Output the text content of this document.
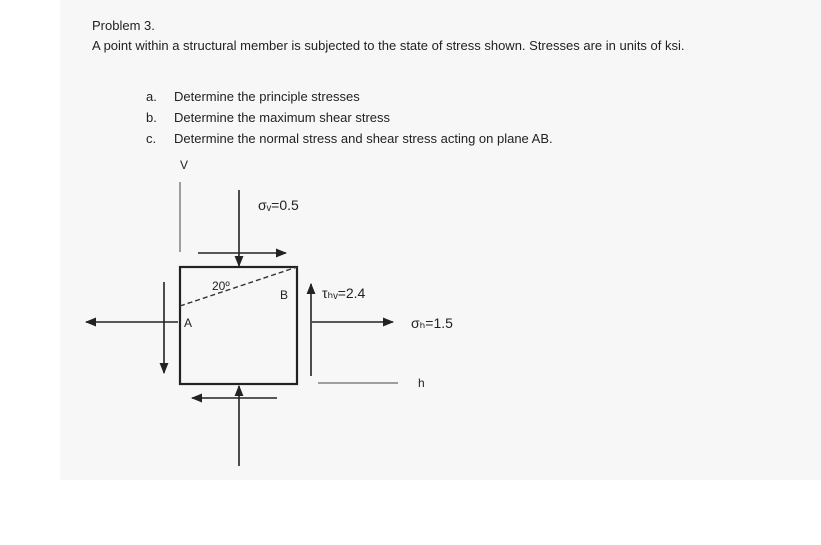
Problem 3.
A point within a structural member is subjected to the state of stress shown. Stresses are in units of ksi.
a. Determine the principle stresses
b. Determine the maximum shear stress
c. Determine the normal stress and shear stress acting on plane AB.
V
20º
A
B
σᵥ=0.5
τₕᵥ=2.4
σₕ=1.5
h
